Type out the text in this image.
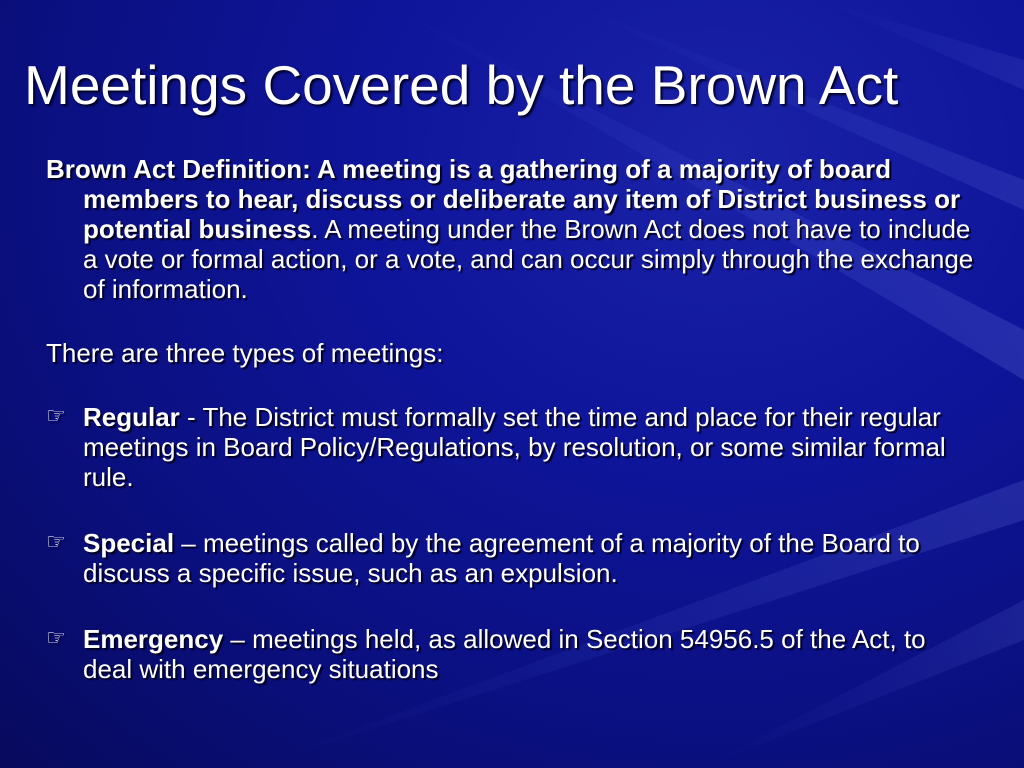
Meetings Covered by the Brown Act

Brown Act Definition: A meeting is a gathering of a majority of board members to hear, discuss or deliberate any item of District business or potential business. A meeting under the Brown Act does not have to include a vote or formal action, or a vote, and can occur simply through the exchange of information.

There are three types of meetings:

☞ Regular - The District must formally set the time and place for their regular meetings in Board Policy/Regulations, by resolution, or some similar formal rule.
☞ Special – meetings called by the agreement of a majority of the Board to discuss a specific issue, such as an expulsion.
☞ Emergency – meetings held, as allowed in Section 54956.5 of the Act, to deal with emergency situations
